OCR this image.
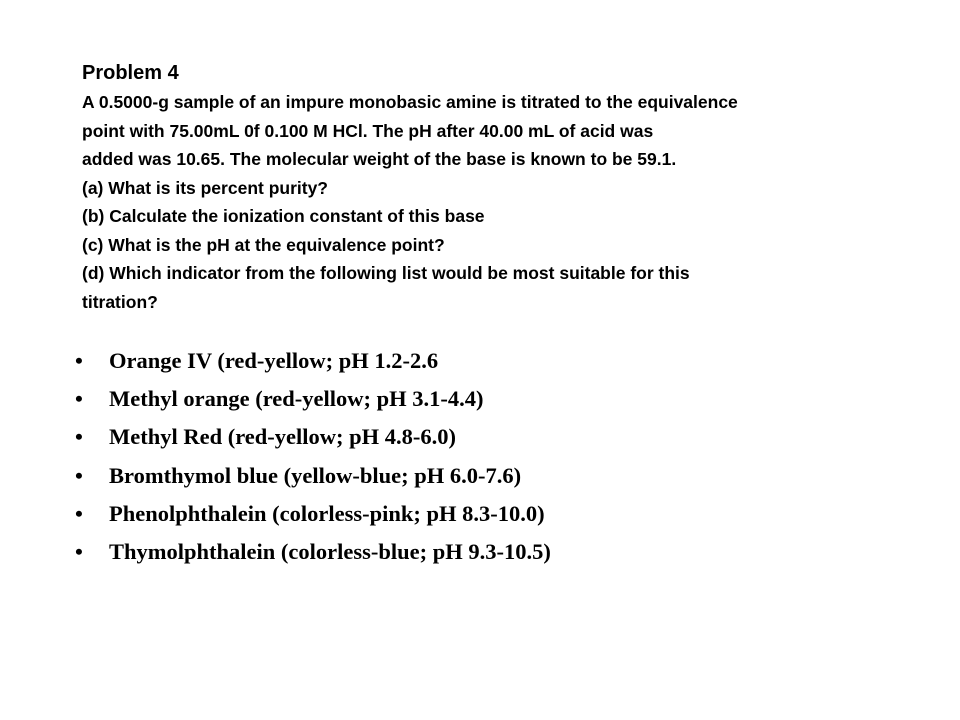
Problem 4

A 0.5000-g sample of an impure monobasic amine is titrated to the equivalence

point with 75.00mL 0f 0.100 M HCl. The pH after 40.00 mL of acid was

added was 10.65. The molecular weight of the base is known to be 59.1.

(a) What is its percent purity?

(b) Calculate the ionization constant of this base

(c) What is the pH at the equivalence point?

(d) Which indicator from the following list would be most suitable for this

titration?

• Orange IV (red-yellow; pH 1.2-2.6
• Methyl orange (red-yellow; pH 3.1-4.4)
• Methyl Red (red-yellow; pH 4.8-6.0)
• Bromthymol blue (yellow-blue; pH 6.0-7.6)
• Phenolphthalein (colorless-pink; pH 8.3-10.0)
• Thymolphthalein (colorless-blue; pH 9.3-10.5)
